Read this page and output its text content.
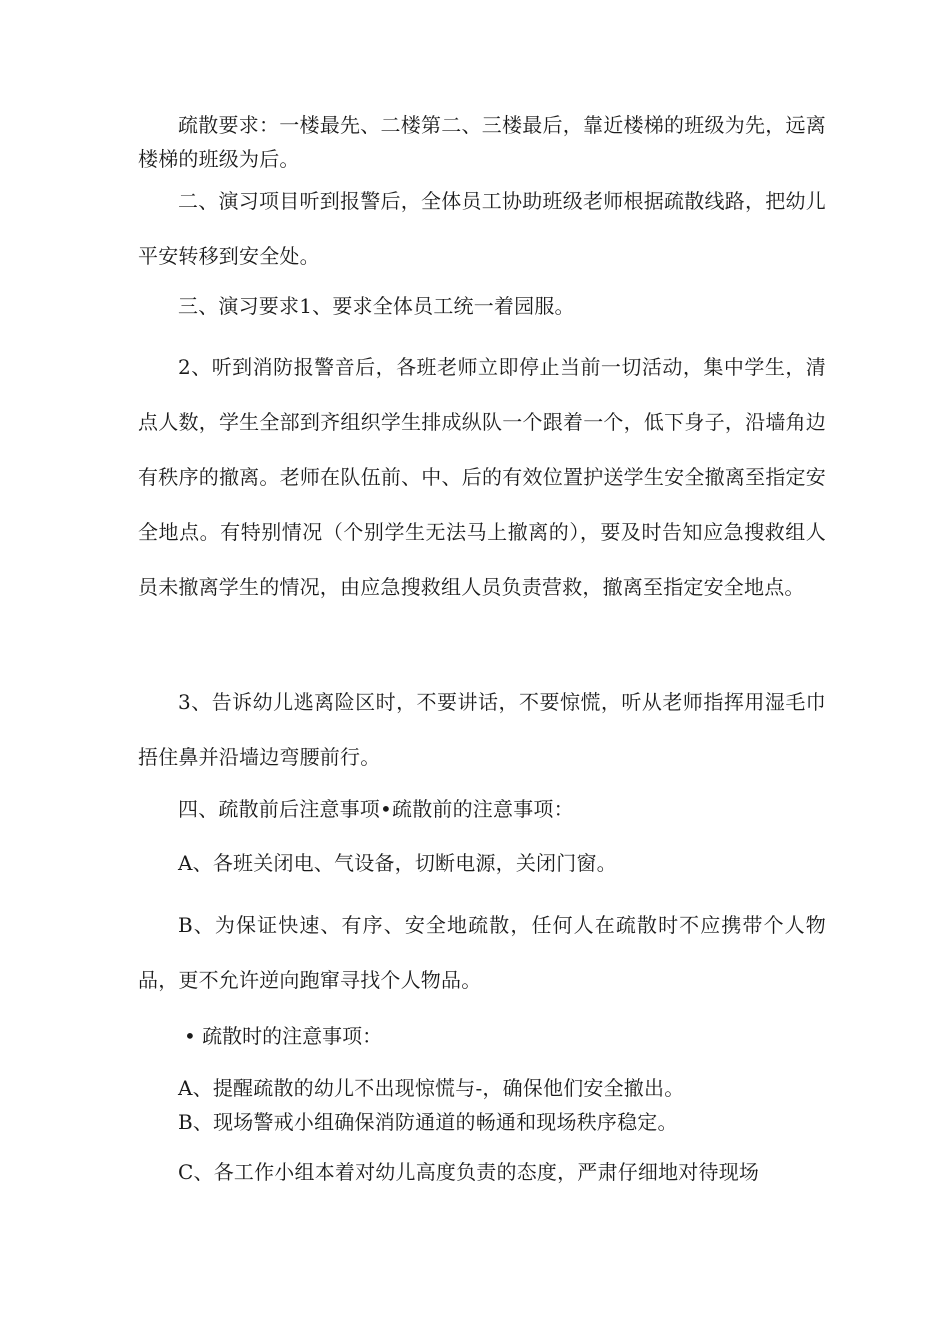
疏散要求：一楼最先、二楼第二、三楼最后，靠近楼梯的班级为先，远离楼梯的班级为后。

二、演习项目听到报警后，全体员工协助班级老师根据疏散线路，把幼儿平安转移到安全处。

三、演习要求1、要求全体员工统一着园服。

2、听到消防报警音后，各班老师立即停止当前一切活动，集中学生，清点人数，学生全部到齐组织学生排成纵队一个跟着一个，低下身子，沿墙角边有秩序的撤离。老师在队伍前、中、后的有效位置护送学生安全撤离至指定安全地点。有特别情况（个别学生无法马上撤离的），要及时告知应急搜救组人员未撤离学生的情况，由应急搜救组人员负责营救，撤离至指定安全地点。

3、告诉幼儿逃离险区时，不要讲话，不要惊慌，听从老师指挥用湿毛巾捂住鼻并沿墙边弯腰前行。

四、疏散前后注意事项•疏散前的注意事项：

A、各班关闭电、气设备，切断电源，关闭门窗。

B、为保证快速、有序、安全地疏散，任何人在疏散时不应携带个人物品，更不允许逆向跑窜寻找个人物品。

• 疏散时的注意事项：

A、提醒疏散的幼儿不出现惊慌与-，确保他们安全撤出。

B、现场警戒小组确保消防通道的畅通和现场秩序稳定。

C、各工作小组本着对幼儿高度负责的态度，严肃仔细地对待现场
